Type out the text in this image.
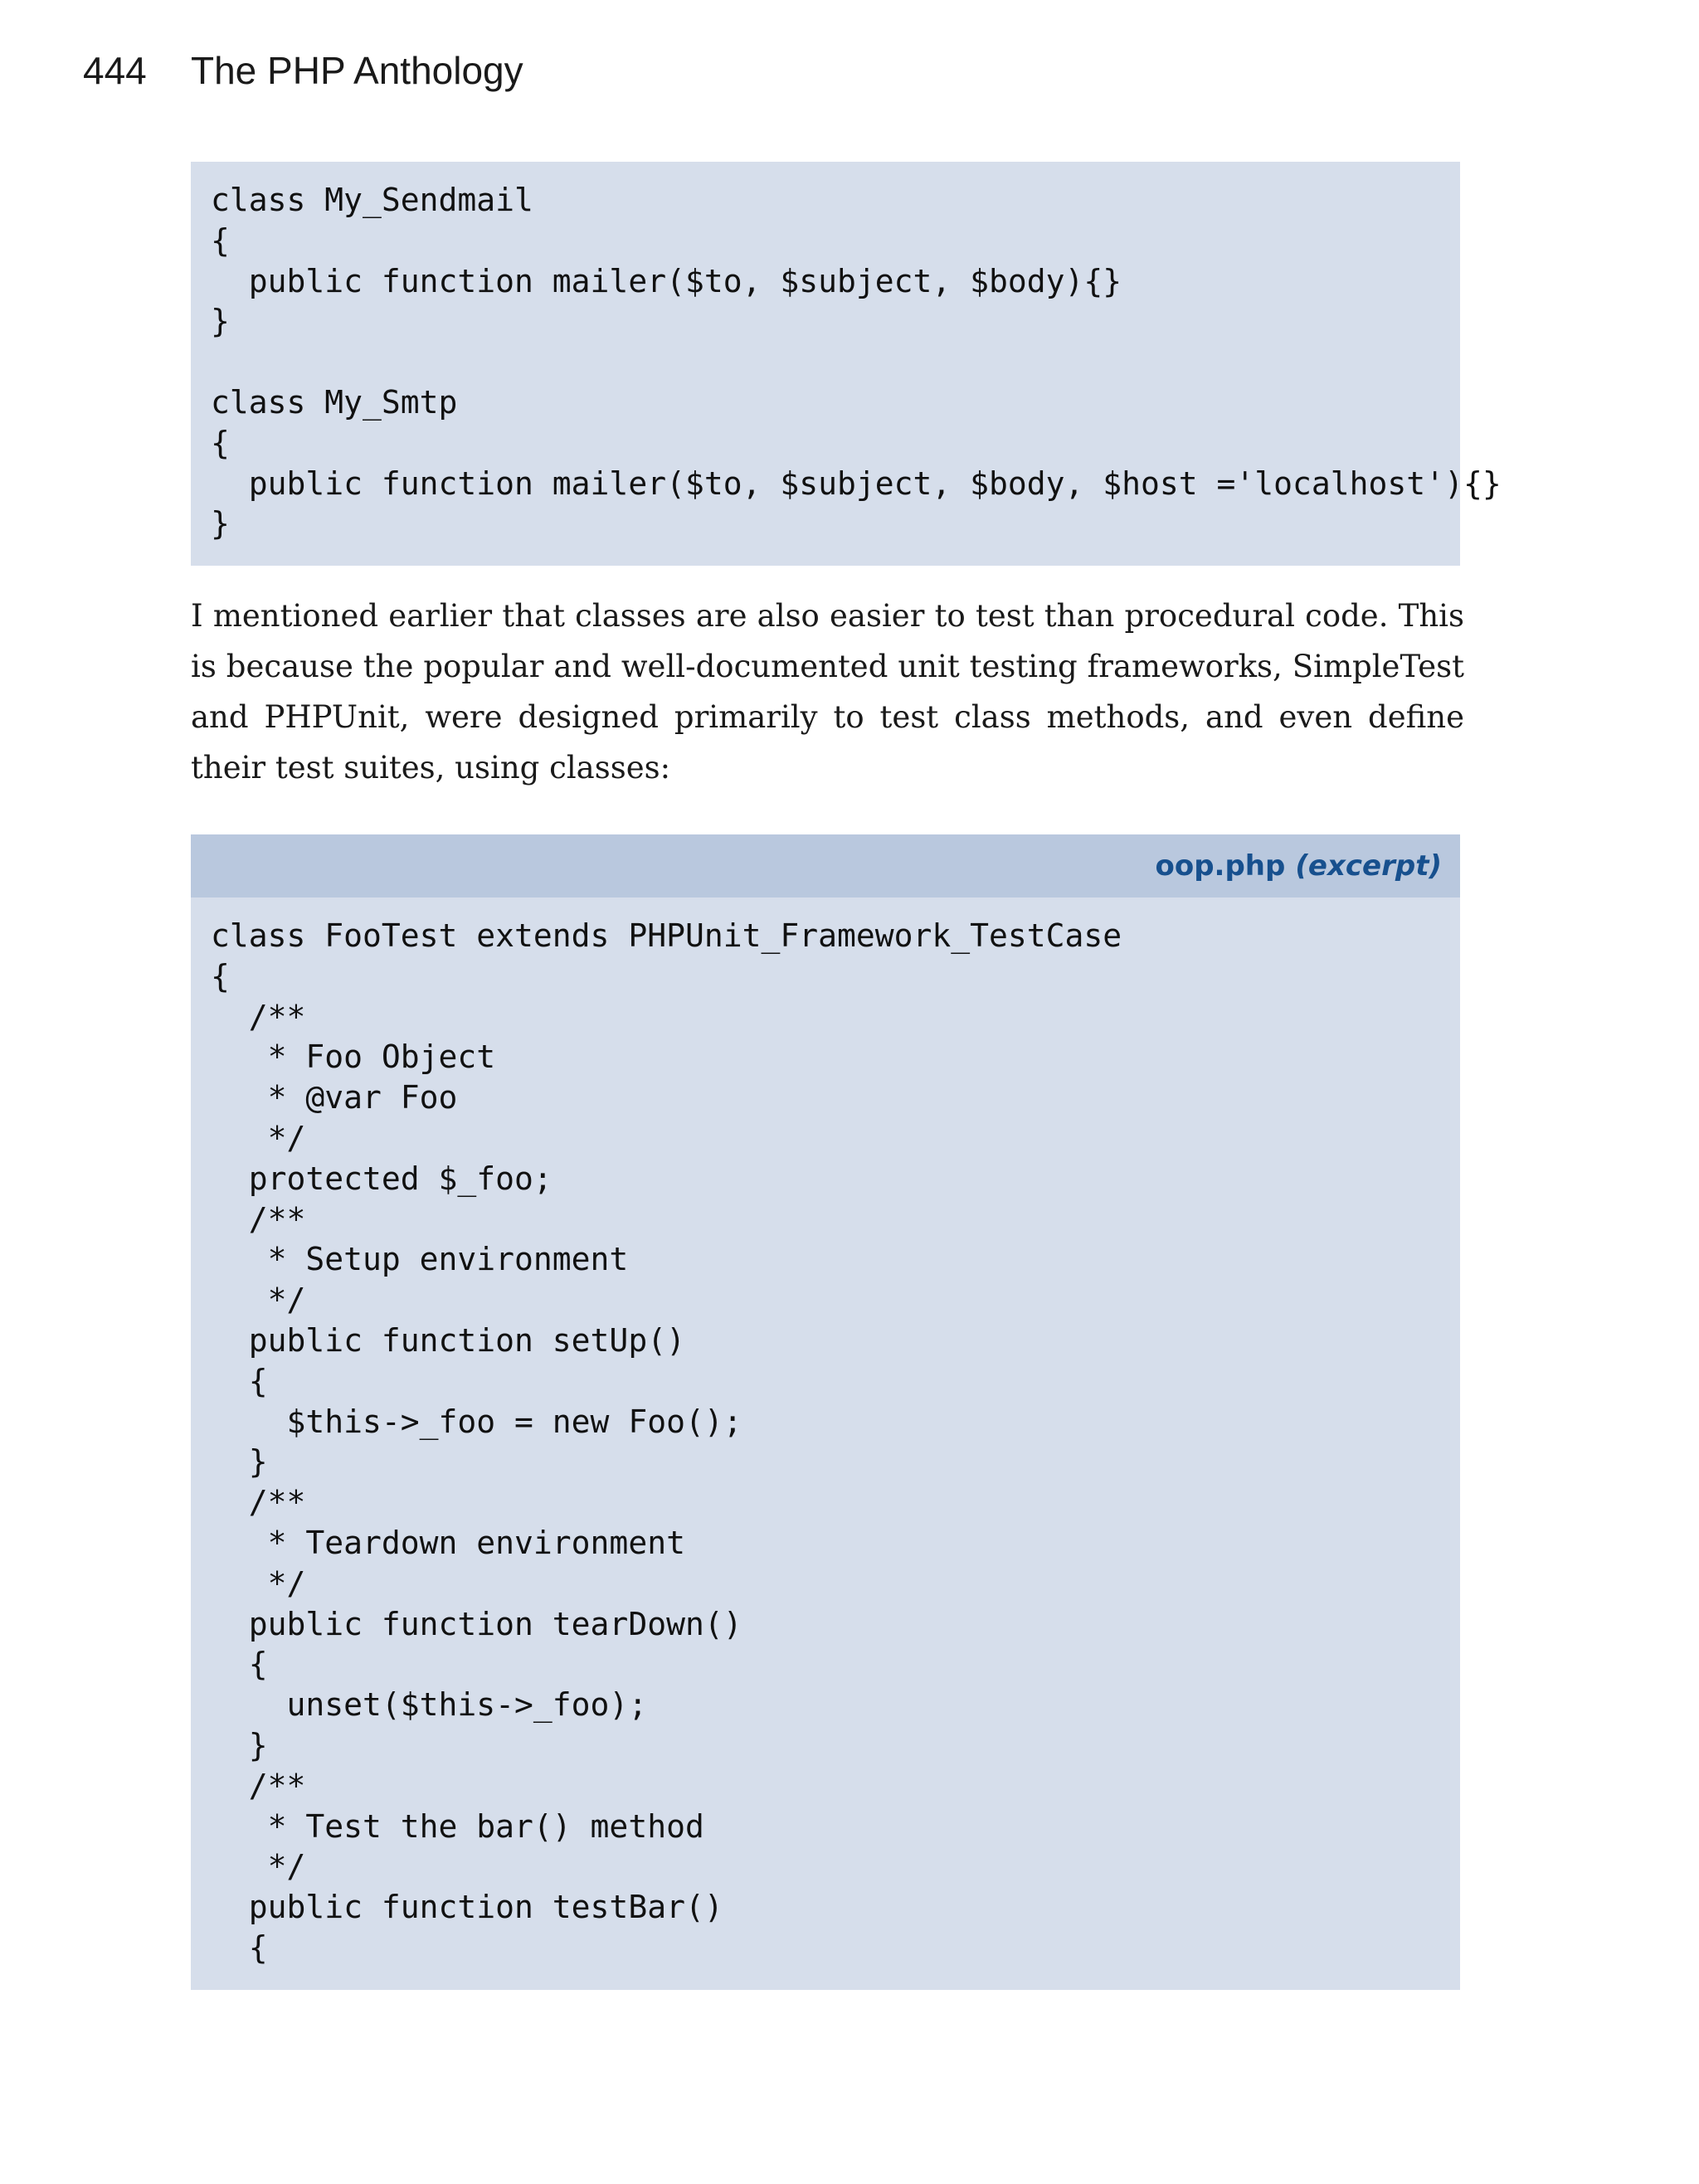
444	The PHP Anthology
class My_Sendmail
{
public function mailer($to, $subject, $body){}
}
class My_Smtp
{
public function mailer($to, $subject, $body, $host ='localhost'){}
}

I mentioned earlier that classes are also easier to test than procedural code. This is because the popular and well-documented unit testing frameworks, SimpleTest and PHPUnit, were designed primarily to test class methods, and even define their test suites, using classes:

oop.php (excerpt)
class FooTest extends PHPUnit_Framework_TestCase
{
/**
* Foo Object
* @var Foo
*/
protected $_foo;
/**
* Setup environment
*/
public function setUp()
{
$this->_foo = new Foo();
}
/**
* Teardown environment
*/
public function tearDown()
{
unset($this->_foo);
}
/**
* Test the bar() method
*/
public function testBar()
{
